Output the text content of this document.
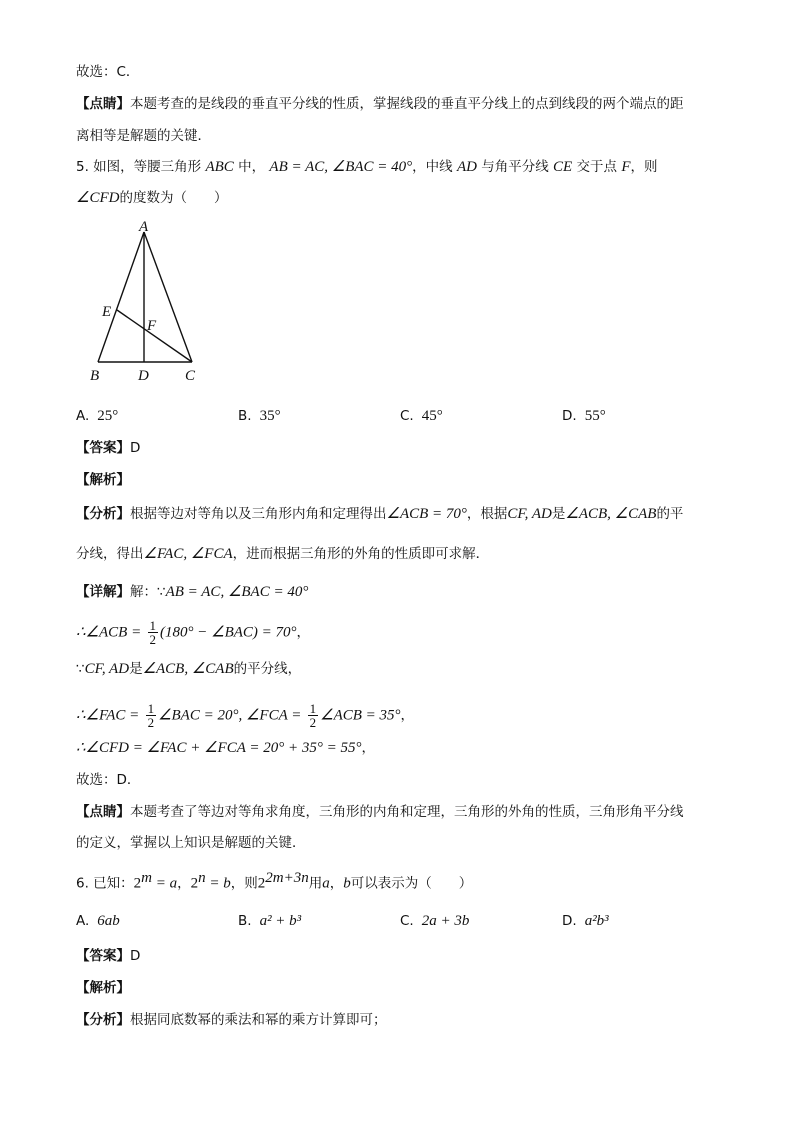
故选：C．
【点睛】本题考查的是线段的垂直平分线的性质，掌握线段的垂直平分线上的点到线段的两个端点的距
离相等是解题的关键．
5. 如图，等腰三角形 ABC 中， AB = AC, ∠BAC = 40°，中线 AD 与角平分线 CE 交于点 F，则
∠CFD的度数为（　　）
A
B	D C
E
F
A. 25°	B. 35°	C. 45°	D. 55°
【答案】D
【解析】
【分析】根据等边对等角以及三角形内角和定理得出∠ACB = 70°，根据CF, AD是∠ACB, ∠CAB的平
分线，得出∠FAC, ∠FCA，进而根据三角形的外角的性质即可求解．
【详解】解：∵AB = AC, ∠BAC = 40°
∴∠ACB = $\frac{1}{2} (180^\circ$ − ∠BAC) = 70°，
∵CF, AD是∠ACB, ∠CAB的平分线，
∴∠FAC = $\frac{1}{2}$ ∠BAC = 20°, ∠FCA = $\frac{1}{2}$ ∠ACB = 35°，
∴∠CFD = ∠FAC + ∠FCA = 20° + 35° = 55°，
故选：D．
【点睛】本题考查了等边对等角求角度，三角形的内角和定理，三角形的外角的性质，三角形角平分线
的定义，掌握以上知识是解题的关键．
6. 已知：$2^m = a$，$2^n = b$，则$2^{2m+3n}$用a，b可以表示为（　　）
A. 6ab	B. a² + b³	C. 2a + 3b	D. a²b³
【答案】D
【解析】
【分析】根据同底数幂的乘法和幂的乘方计算即可；
